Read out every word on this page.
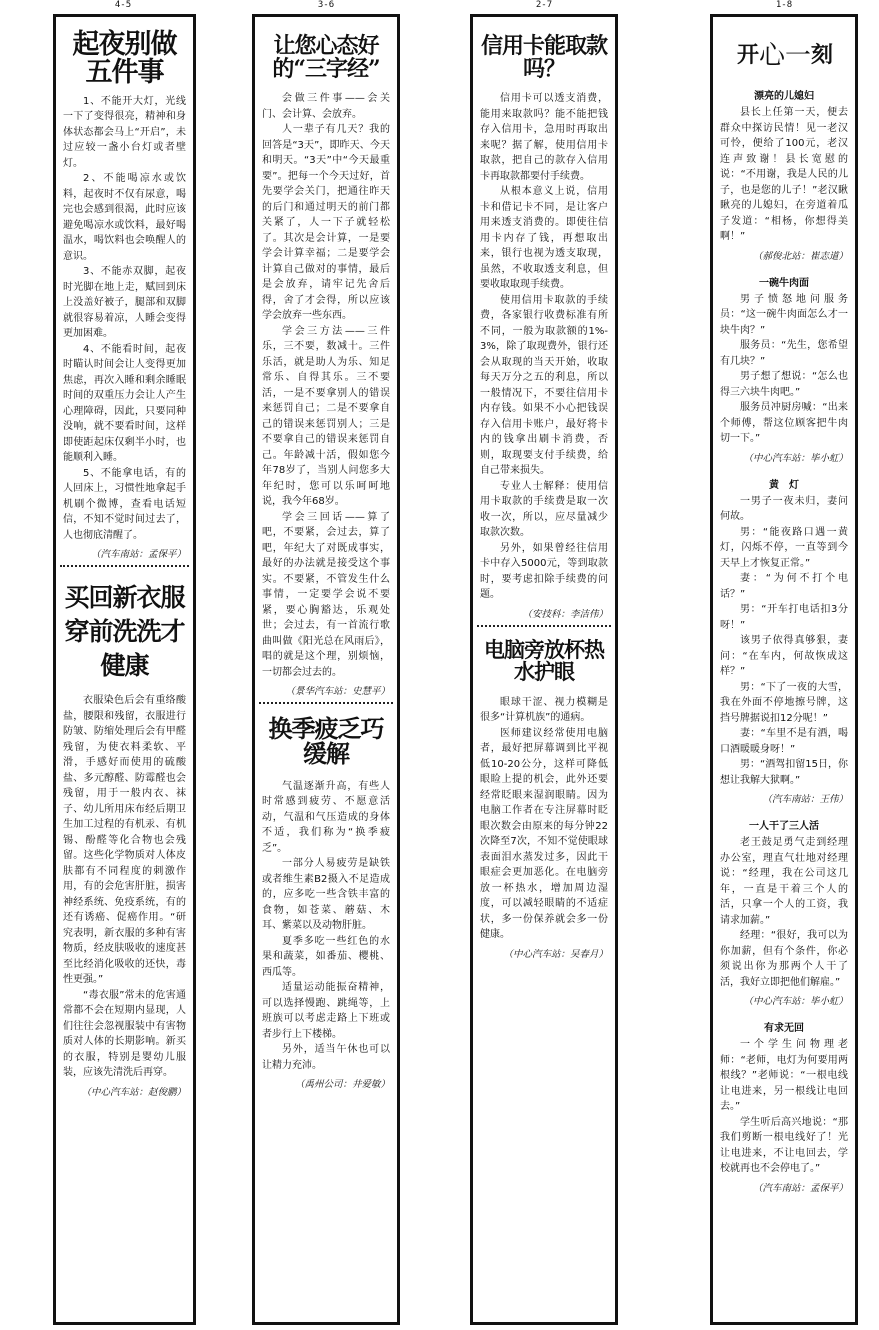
4-5
起夜别做五件事

1、不能开大灯，光线一下了变得很亮，精神和身体状态都会马上“开启”，未过应较一盏小台灯或者壁灯。

2、不能喝凉水或饮料，起夜时不仅有尿意，喝完也会感到很渴，此时应该避免喝凉水或饮料，最好喝温水，喝饮料也会唤醒人的意识。

3、不能赤双脚，起夜时光脚在地上走，赋回到床上没盖好被子，腿部和双脚就很容易着凉，人睡会变得更加困难。

4、不能看时间，起夜时瞄认时间会让人变得更加焦虑，再次入睡和剩余睡眠时间的双重压力会让人产生心理障碍，因此，只要同种没响，就不要看时间，这样即使距起床仅剩半小时，也能顺利入睡。

5、不能拿电话，有的人回床上，习惯性地拿起手机刷个微博，查看电话短信，不知不觉时间过去了，人也彻底清醒了。

（汽车南站：孟保平）
买回新衣服
穿前洗洗才健康

衣服染色后会有重络酸盐，腰限和残留，衣服进行防皱、防缩处理后会有甲醛残留，为使衣料柔软、平滑，手感好而使用的硫酸盐、多元醇醛、防霉醛也会残留，用于一般内衣、袜子、幼儿所用床布经后期卫生加工过程的有机汞、有机锡、酚醛等化合物也会残留。这些化学物质对人体皮肤都有不同程度的刺激作用，有的会危害肝脏，损害神经系统、免疫系统，有的还有诱癌、促癌作用。“研究表明，新衣服的多种有害物质，经皮肤吸收的速度甚至比经消化吸收的还快，毒性更强。”

“毒衣服”常未的危害通常都不会在短期内显现，人们往往会忽视服装中有害物质对人体的长期影响。新买的衣服，特别是婴幼儿服装，应该先清洗后再穿。

（中心汽车站：赵俊鹏）
3-6
让您心态好的“三字经”

会做三件事——会关门、会计算、会放弃。

人一辈子有几天？我的回答是“3天”，即昨天、今天和明天。“3天”中“今天最重要”。把每一个今天过好，首先要学会关门，把通往昨天的后门和通过明天的前门都关紧了，人一下子就轻松了。其次是会计算，一是要学会计算幸福；二是要学会计算自己做对的事情，最后是会放弃，请牢记先舍后得，舍了才会得，所以应该学会放弃一些东西。

学会三方法——三件乐，三不要，数减十。三件乐活，就是助人为乐、知足常乐、自得其乐。三不要活，一是不要拿别人的错误来惩罚自己；二是不要拿自己的错误来惩罚别人；三是不要拿自己的错误来惩罚自己。年龄减十活，假如您今年78岁了，当别人问您多大年纪时，您可以乐呵呵地说，我今年68岁。

学会三回话——算了吧，不要紧，会过去，算了吧，年纪大了对既成事实，最好的办法就是接受这个事实。不要紧，不管发生什么事情，一定要学会说不要紧，要心胸豁达，乐观处世；会过去，有一首流行歌曲叫做《阳光总在风雨后》，唱的就是这个理，别烦恼，一切都会过去的。

（景华汽车站：史慧平）
换季疲乏巧缓解

气温逐渐升高，有些人时常感到疲劳、不愿意活动，气温和气压造成的身体不适，我们称为“换季疲乏”。

一部分人易疲劳是缺铁或者维生素B2摄入不足造成的，应多吃一些含铁丰富的食物，如苍菜、蘑菇、木耳、紫菜以及动物肝脏。

夏季多吃一些红色的水果和蔬菜，如番茄、樱桃、西瓜等。

适量运动能振奋精神，可以选择慢跑、跳绳等，上班族可以考虑走路上下班或者步行上下楼梯。

另外，适当午休也可以让精力充沛。

（禹州公司：井爱敏）
2-7
信用卡能取款吗？

信用卡可以透支消费，能用来取款吗？能不能把钱存入信用卡，急用时再取出来呢？据了解，使用信用卡取款，把自己的款存入信用卡再取款都要付手续费。

从根本意义上说，信用卡和借记卡不同，是让客户用来透支消费的。即使往信用卡内存了钱，再想取出来，银行也视为透支取现，虽然，不收取透支利息，但要收取取现手续费。

使用信用卡取款的手续费，各家银行收费标准有所不同，一般为取款额的1%-3%，除了取现费外，银行还会从取现的当天开始，收取每天万分之五的利息，所以一般情况下，不要往信用卡内存钱。如果不小心把钱误存入信用卡账户，最好将卡内的钱拿出刷卡消费，否则，取现要支付手续费，给自己带来损失。

专业人士解释：使用信用卡取款的手续费是取一次收一次，所以，应尽量减少取款次数。

另外，如果曾经往信用卡中存入5000元，等到取款时，要考虑扣除手续费的问题。

（安技科：李洁伟）
电脑旁放杯热水护眼

眼球干涩、视力模糊是很多“计算机族”的通病。

医师建议经常使用电脑者，最好把屏幕调到比平视低10-20公分，这样可降低眼睑上提的机会，此外还要经常眨眼来湿润眼睛。因为电脑工作者在专注屏幕时眨眼次数会由原来的每分钟22次降至7次，不知不觉使眼球表面泪水蒸发过多，因此干眼症会更加恶化。在电脑旁放一杯热水，增加周边湿度，可以减轻眼睛的不适症状，多一份保养就会多一份健康。

（中心汽车站：吴春月）
1-8
开 心 一 刻
漂亮的儿媳妇

县长上任第一天，便去群众中探访民情！见一老汉可怜，便给了100元，老汉连声致谢！县长宽慰的说：“不用谢，我是人民的儿子，也是您的儿子！”老汉瞅瞅亮的儿媳妇，在旁道着瓜子发道：“相杨，你想得美啊！”

（郝俊北站：崔志道）
一碗牛肉面

男子愤怒地问服务员：“这一碗牛肉面怎么才一块牛肉？”

服务员：“先生，您希望有几块？”

男子想了想说：“怎么也得三六块牛肉吧。”

服务员冲厨房喊：“出来个师傅，帮这位顾客把牛肉切一下。”

（中心汽车站：毕小虹）
黄　灯

一男子一夜未归，妻问何故。

男：“能夜路口遇一黄灯，闪烁不停，一直等到今天早上才恢复正常。”

妻：“为何不打个电话？”

男：“开车打电话扣3分呀！”

该男子依得真够狠，妻问：“在车内，何故恢成这样？”

男：“下了一夜的大雪，我在外面不停地擦号牌，这挡号牌据说扣12分呢！”

妻：“车里不是有酒，喝口酒暖暖身呀！”

男：“酒驾扣留15日，你想让我解大狱啊。”

（汽车南站：王伟）
一人干了三人活

老王鼓足勇气走到经理办公室，理直气壮地对经理说：“经理，我在公司这几年，一直是干着三个人的活，只拿一个人的工资，我请求加薪。”

经理：“很好，我可以为你加薪，但有个条件，你必须说出你为那两个人干了活，我好立即把他们解雇。”

（中心汽车站：毕小虹）
有求无回

一个学生问物理老师：“老师，电灯为何要用两根线？”老师说：“一根电线让电进来，另一根线让电回去。”

学生听后高兴地说：“那我们剪断一根电线好了！光让电进来，不让电回去，学校就再也不会停电了。”

（汽车南站：孟保平）
